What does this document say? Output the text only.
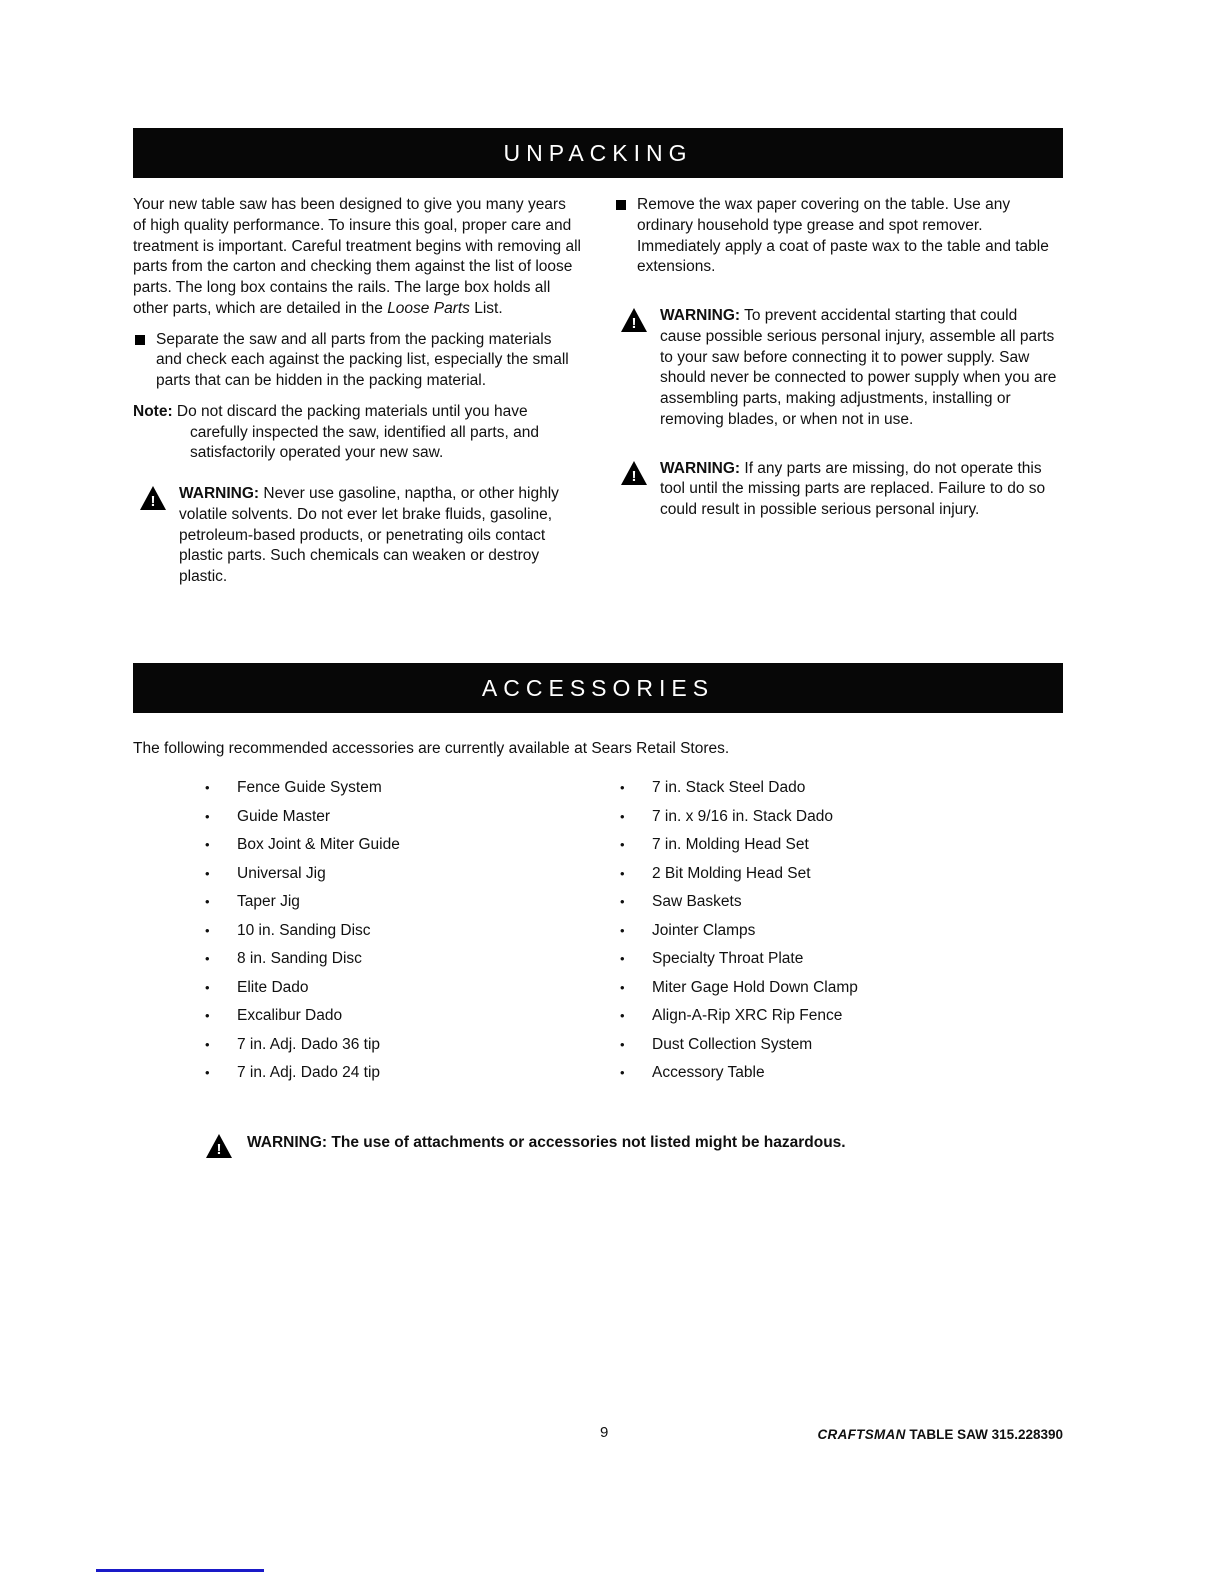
UNPACKING

Your new table saw has been designed to give you many years of high quality performance. To insure this goal, proper care and treatment is important. Careful treatment begins with removing all parts from the carton and checking them against the list of loose parts. The long box contains the rails. The large box holds all other parts, which are detailed in the Loose Parts List.

Separate the saw and all parts from the packing materials and check each against the packing list, especially the small parts that can be hidden in the packing material.

Note: Do not discard the packing materials until you have carefully inspected the saw, identified all parts, and satisfactorily operated your new saw.

! WARNING: Never use gasoline, naptha, or other highly volatile solvents. Do not ever let brake fluids, gasoline, petroleum-based products, or penetrating oils contact plastic parts. Such chemicals can weaken or destroy plastic.
Remove the wax paper covering on the table. Use any ordinary household type grease and spot remover. Immediately apply a coat of paste wax to the table and table extensions.
! WARNING: To prevent accidental starting that could cause possible serious personal injury, assemble all parts to your saw before connecting it to power supply. Saw should never be connected to power supply when you are assembling parts, making adjustments, installing or removing blades, or when not in use.
! WARNING: If any parts are missing, do not operate this tool until the missing parts are replaced. Failure to do so could result in possible serious personal injury.
ACCESSORIES

The following recommended accessories are currently available at Sears Retail Stores.

•	Fence Guide System
•	Guide Master
•	Box Joint & Miter Guide
•	Universal Jig
•	Taper Jig
•	10 in. Sanding Disc
•	8 in. Sanding Disc
•	Elite Dado
•	Excalibur Dado
•	7 in. Adj. Dado 36 tip
•	7 in. Adj. Dado 24 tip
•	7 in. Stack Steel Dado
•	7 in. x 9/16 in. Stack Dado
•	7 in. Molding Head Set
•	2 Bit Molding Head Set
•	Saw Baskets
•	Jointer Clamps
•	Specialty Throat Plate
•	Miter Gage Hold Down Clamp
•	Align-A-Rip XRC Rip Fence
•	Dust Collection System
•	Accessory Table
! WARNING: The use of attachments or accessories not listed might be hazardous.
9	CRAFTSMAN TABLE SAW 315.228390
